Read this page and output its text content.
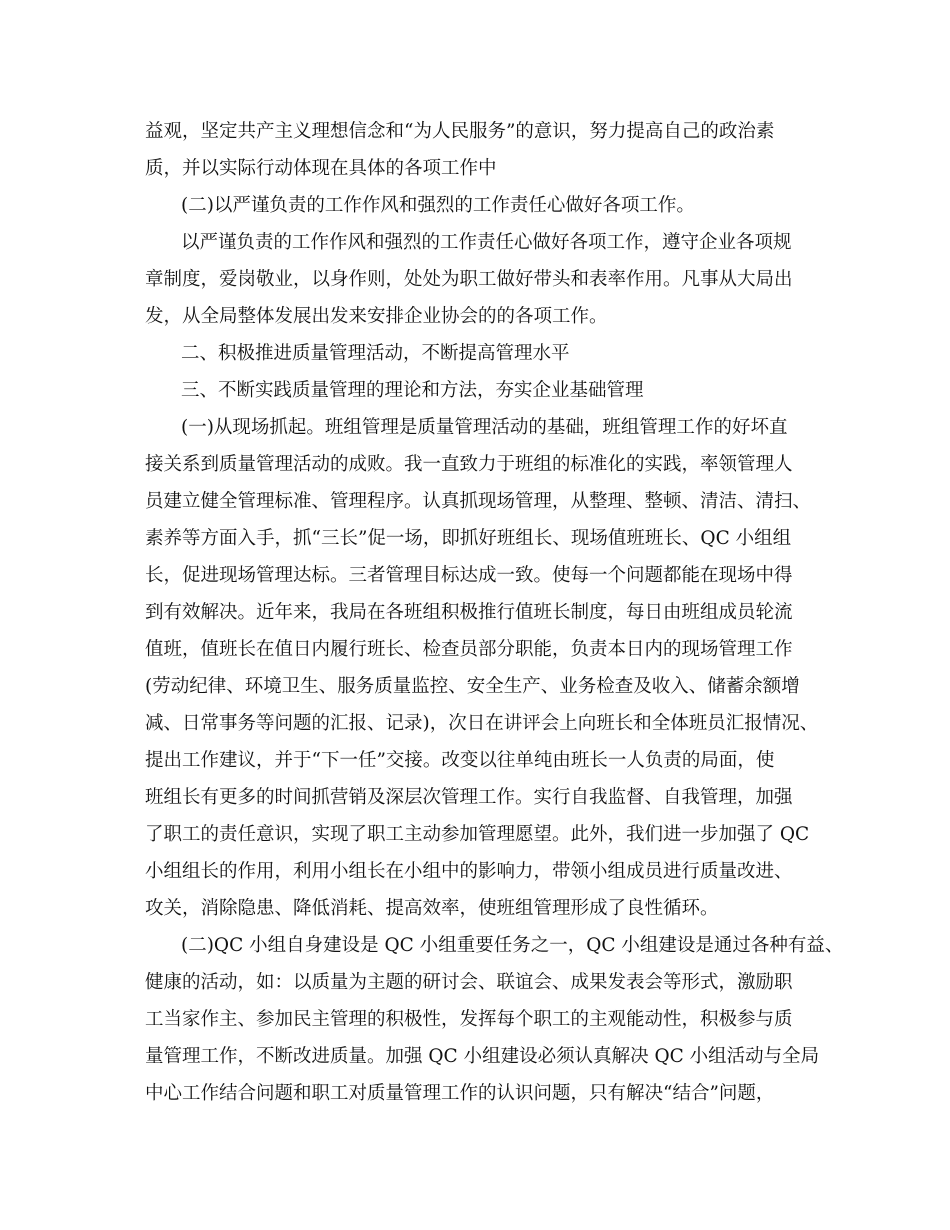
益观，坚定共产主义理想信念和“为人民服务”的意识，努力提高自己的政治素
质，并以实际行动体现在具体的各项工作中
(二)以严谨负责的工作作风和强烈的工作责任心做好各项工作。
以严谨负责的工作作风和强烈的工作责任心做好各项工作，遵守企业各项规
章制度，爱岗敬业，以身作则，处处为职工做好带头和表率作用。凡事从大局出
发，从全局整体发展出发来安排企业协会的的各项工作。
二、积极推进质量管理活动，不断提高管理水平
三、不断实践质量管理的理论和方法，夯实企业基础管理
(一)从现场抓起。班组管理是质量管理活动的基础，班组管理工作的好坏直
接关系到质量管理活动的成败。我一直致力于班组的标准化的实践，率领管理人
员建立健全管理标准、管理程序。认真抓现场管理，从整理、整顿、清洁、清扫、
素养等方面入手，抓“三长”促一场，即抓好班组长、现场值班班长、QC 小组组
长，促进现场管理达标。三者管理目标达成一致。使每一个问题都能在现场中得
到有效解决。近年来，我局在各班组积极推行值班长制度，每日由班组成员轮流
值班，值班长在值日内履行班长、检查员部分职能，负责本日内的现场管理工作
(劳动纪律、环境卫生、服务质量监控、安全生产、业务检查及收入、储蓄余额增
减、日常事务等问题的汇报、记录)，次日在讲评会上向班长和全体班员汇报情况、
提出工作建议，并于“下一任”交接。改变以往单纯由班长一人负责的局面，使
班组长有更多的时间抓营销及深层次管理工作。实行自我监督、自我管理，加强
了职工的责任意识，实现了职工主动参加管理愿望。此外，我们进一步加强了 QC
小组组长的作用，利用小组长在小组中的影响力，带领小组成员进行质量改进、
攻关，消除隐患、降低消耗、提高效率，使班组管理形成了良性循环。
(二)QC 小组自身建设是 QC 小组重要任务之一，QC 小组建设是通过各种有益、
健康的活动，如：以质量为主题的研讨会、联谊会、成果发表会等形式，激励职
工当家作主、参加民主管理的积极性，发挥每个职工的主观能动性，积极参与质
量管理工作，不断改进质量。加强 QC 小组建设必须认真解决 QC 小组活动与全局
中心工作结合问题和职工对质量管理工作的认识问题，只有解决“结合”问题，
